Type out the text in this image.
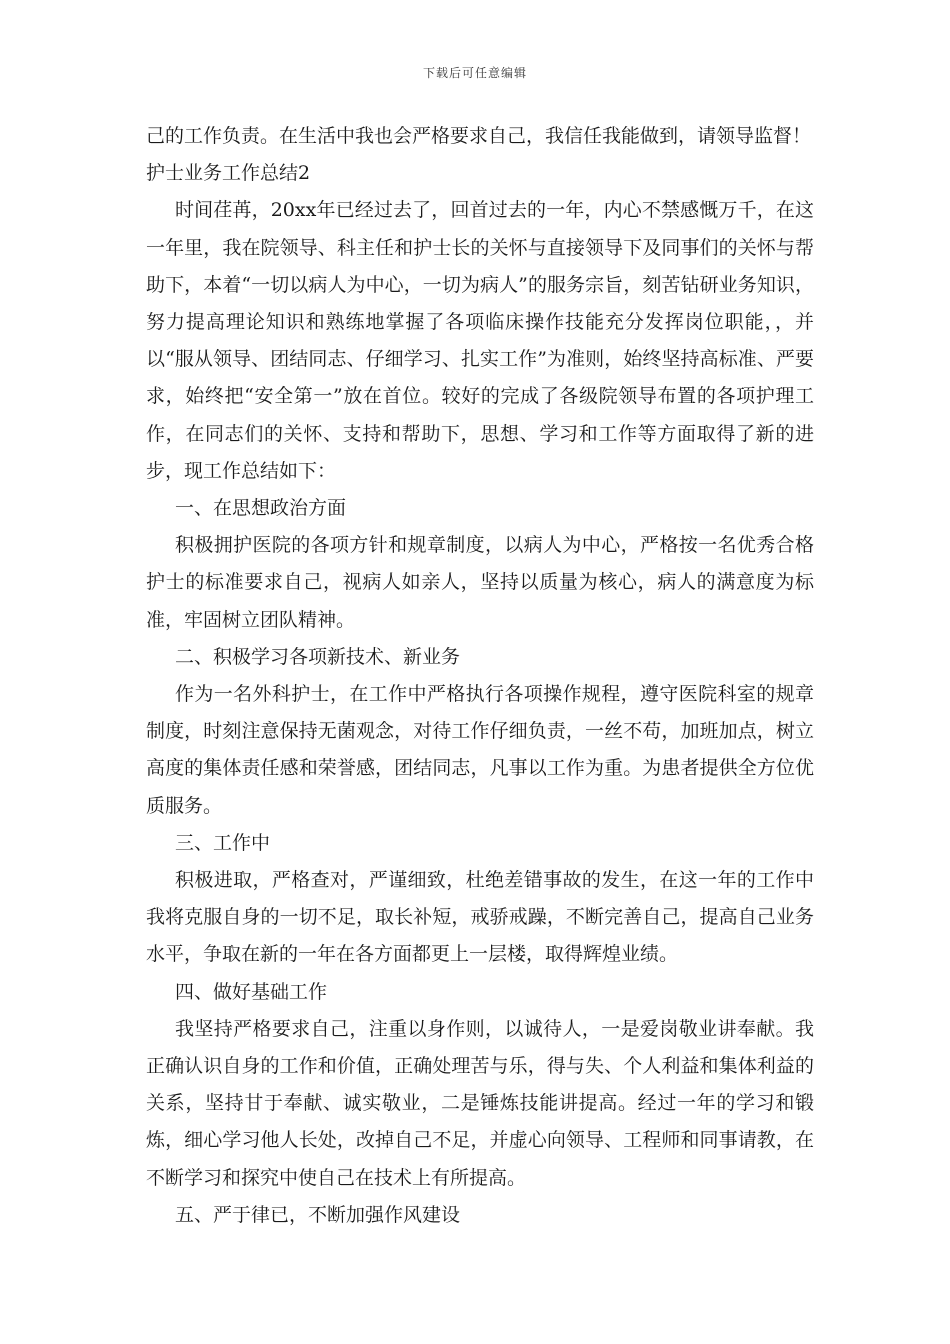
下载后可任意编辑

己的工作负责。在生活中我也会严格要求自己，我信任我能做到，请领导监督！

护士业务工作总结2

时间荏苒，20xx年已经过去了，回首过去的一年，内心不禁感慨万千，在这一年里，我在院领导、科主任和护士长的关怀与直接领导下及同事们的关怀与帮助下，本着“一切以病人为中心，一切为病人”的服务宗旨，刻苦钻研业务知识，努力提高理论知识和熟练地掌握了各项临床操作技能充分发挥岗位职能，，并以“服从领导、团结同志、仔细学习、扎实工作”为准则，始终坚持高标准、严要求，始终把“安全第一”放在首位。较好的完成了各级院领导布置的各项护理工作，在同志们的关怀、支持和帮助下，思想、学习和工作等方面取得了新的进步，现工作总结如下：

一、在思想政治方面

积极拥护医院的各项方针和规章制度，以病人为中心，严格按一名优秀合格护士的标准要求自己，视病人如亲人，坚持以质量为核心，病人的满意度为标准，牢固树立团队精神。

二、积极学习各项新技术、新业务

作为一名外科护士，在工作中严格执行各项操作规程，遵守医院科室的规章制度，时刻注意保持无菌观念，对待工作仔细负责，一丝不苟，加班加点，树立高度的集体责任感和荣誉感，团结同志，凡事以工作为重。为患者提供全方位优质服务。

三、工作中

积极进取，严格查对，严谨细致，杜绝差错事故的发生，在这一年的工作中我将克服自身的一切不足，取长补短，戒骄戒躁，不断完善自己，提高自己业务水平，争取在新的一年在各方面都更上一层楼，取得辉煌业绩。

四、做好基础工作

我坚持严格要求自己，注重以身作则，以诚待人，一是爱岗敬业讲奉献。我正确认识自身的工作和价值，正确处理苦与乐，得与失、个人利益和集体利益的关系，坚持甘于奉献、诚实敬业，二是锤炼技能讲提高。经过一年的学习和锻炼，细心学习他人长处，改掉自己不足，并虚心向领导、工程师和同事请教，在不断学习和探究中使自己在技术上有所提高。

五、严于律已，不断加强作风建设
